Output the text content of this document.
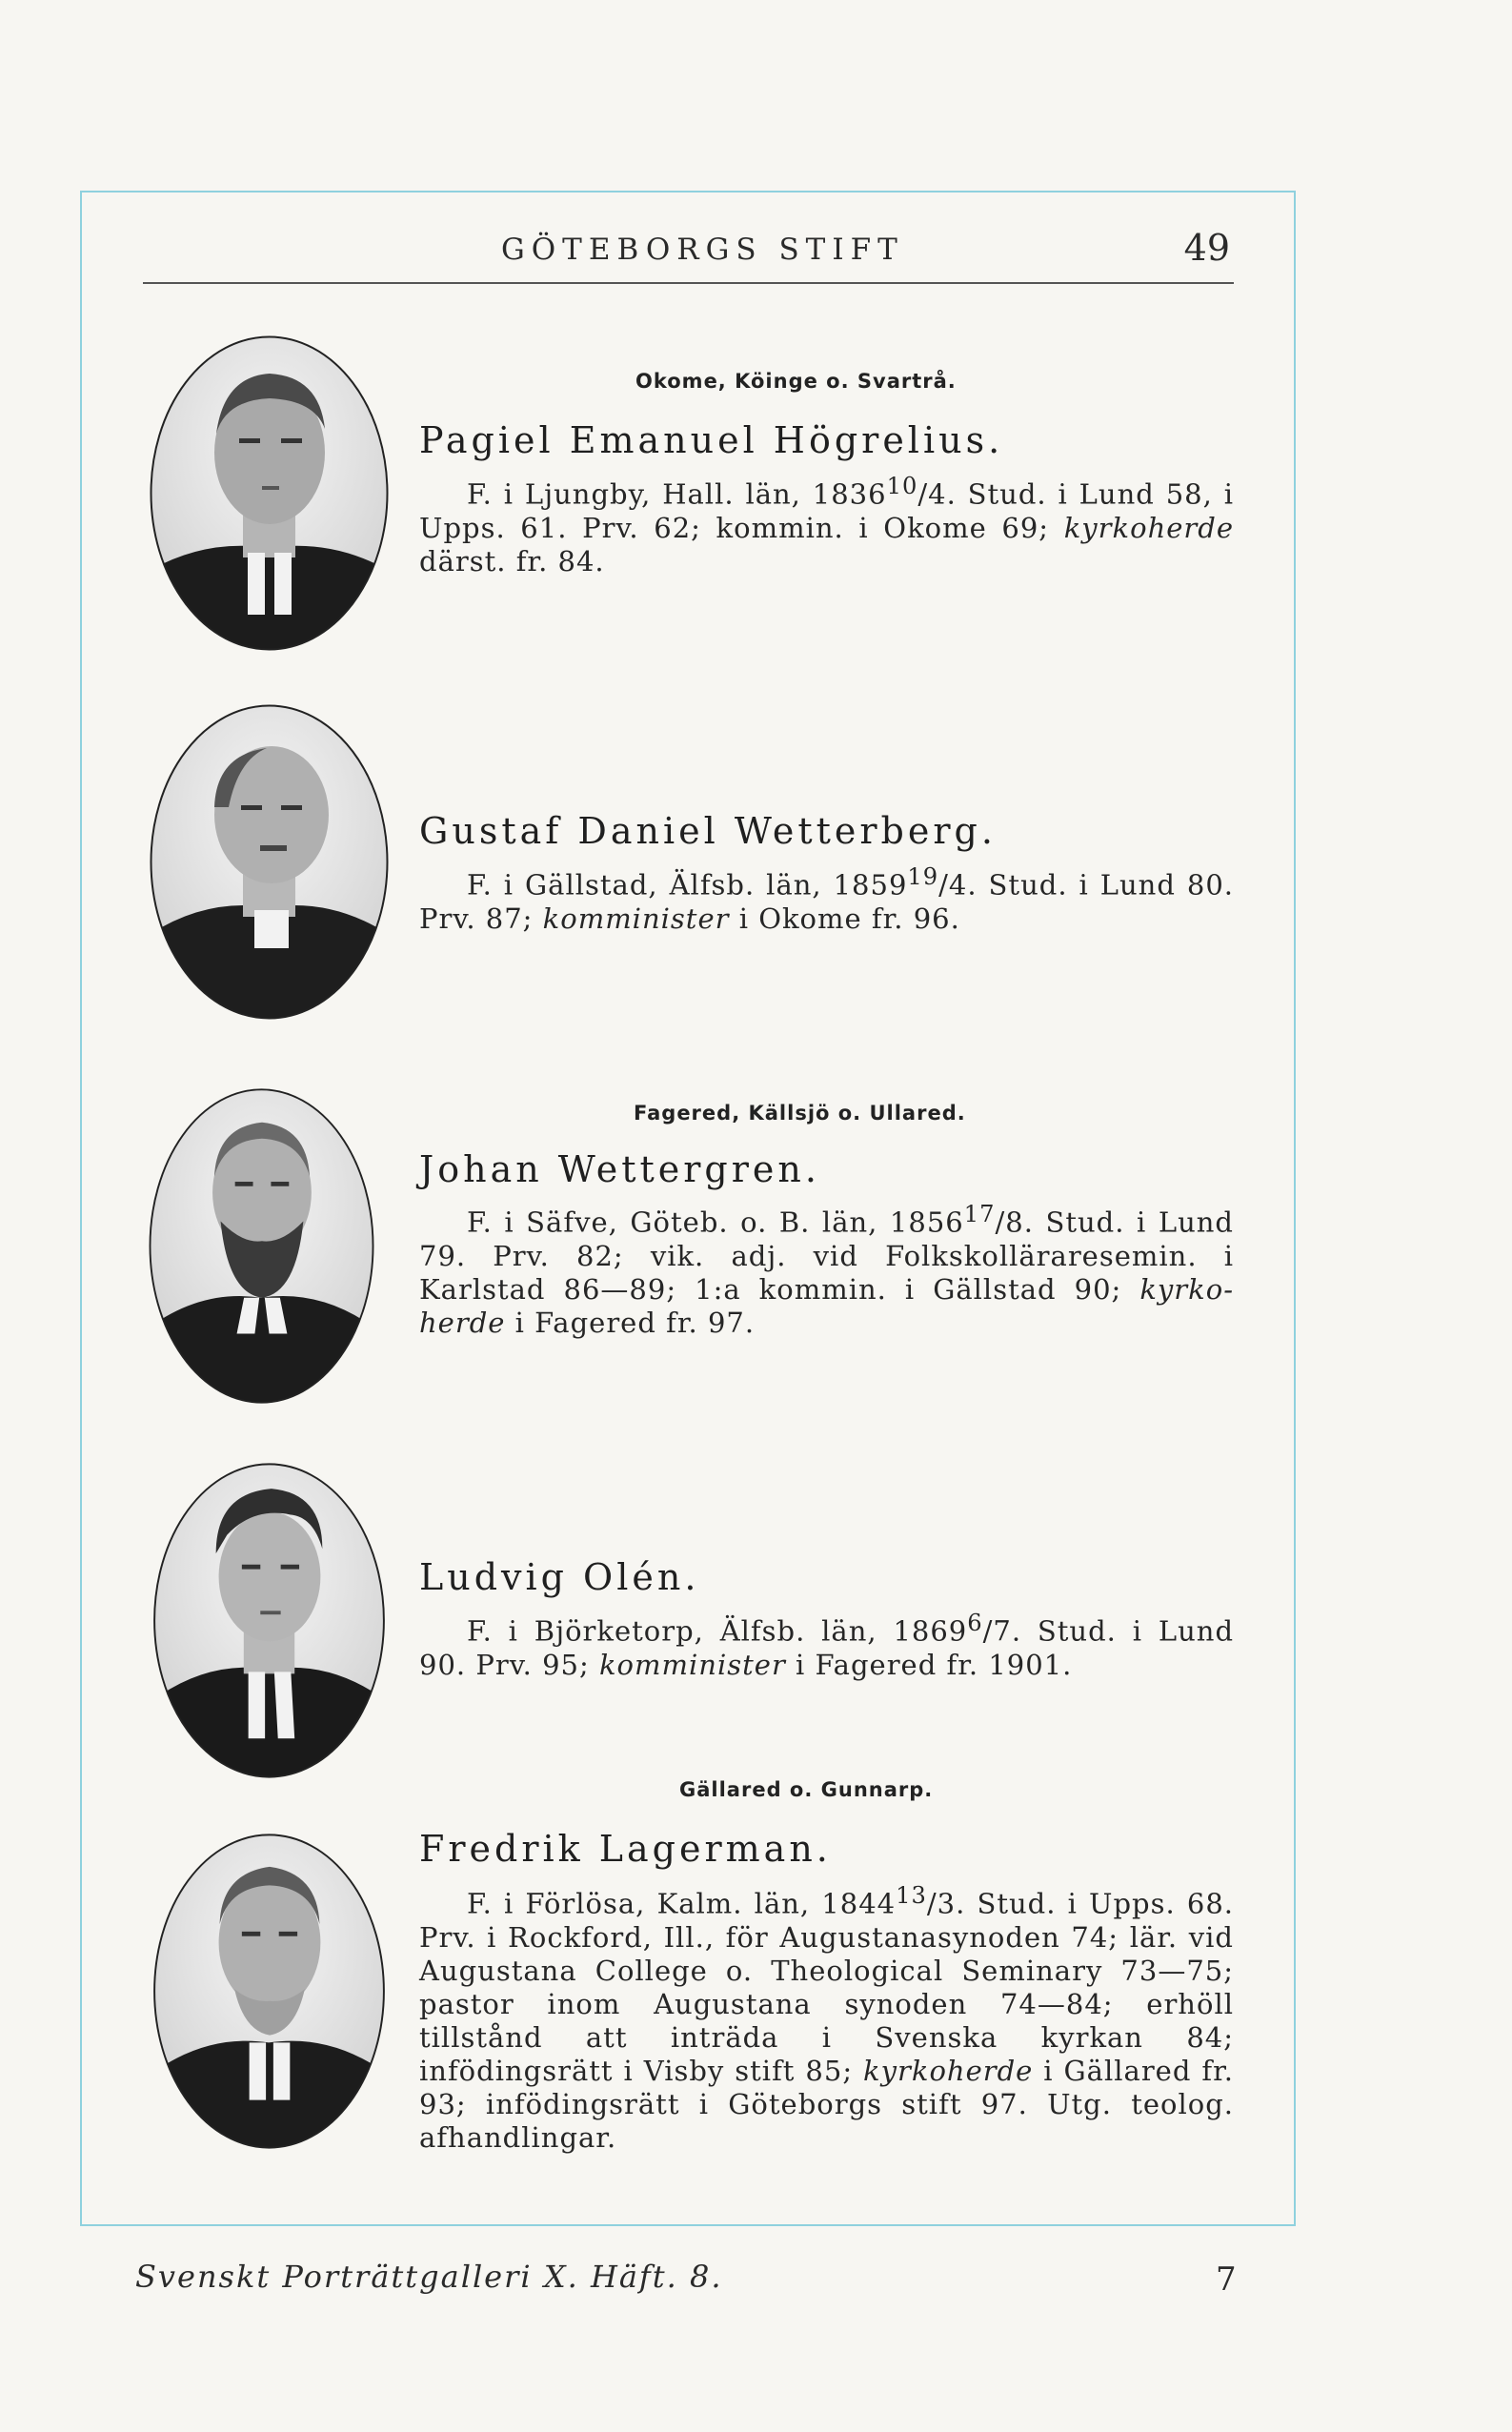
GÖTEBORGS STIFT	49
Okome, Köinge o. Svartrå.
Pagiel Emanuel Högrelius.
F. i Ljungby, Hall. län, 1836$^{10}$/4. Stud. i Lund 58, i Upps. 61. Prv. 62; kommin. i Okome 69; kyrkoherde därst. fr. 84.
Gustaf Daniel Wetterberg.
F. i Gällstad, Älfsb. län, 1859$^{19}$/4. Stud. i Lund 80. Prv. 87; komminister i Okome fr. 96.
Fagered, Källsjö o. Ullared.
Johan Wettergren.
F. i Säfve, Göteb. o. B. län, 1856$^{17}$/8. Stud. i Lund 79. Prv. 82; vik. adj. vid Folkskolläraresemin. i Karlstad 86—89; 1:a kommin. i Gällstad 90; kyrko-herde i Fagered fr. 97.
Ludvig Olén.
F. i Björketorp, Älfsb. län, 1869$^6$/7. Stud. i Lund 90. Prv. 95; komminister i Fagered fr. 1901.
Gällared o. Gunnarp.
Fredrik Lagerman.
F. i Förlösa, Kalm. län, 1844$^{13}$/3. Stud. i Upps. 68. Prv. i Rockford, Ill., för Augustanasynoden 74; lär. vid Augustana College o. Theological Seminary 73—75; pastor inom Augustana synoden 74—84; erhöll tillstånd att inträda i Svenska kyrkan 84; infödingsrätt i Visby stift 85; kyrkoherde i Gällared fr. 93; infödingsrätt i Göteborgs stift 97. Utg. teolog. afhandlingar.
Svenskt Porträttgalleri X. Häft. 8.	7
